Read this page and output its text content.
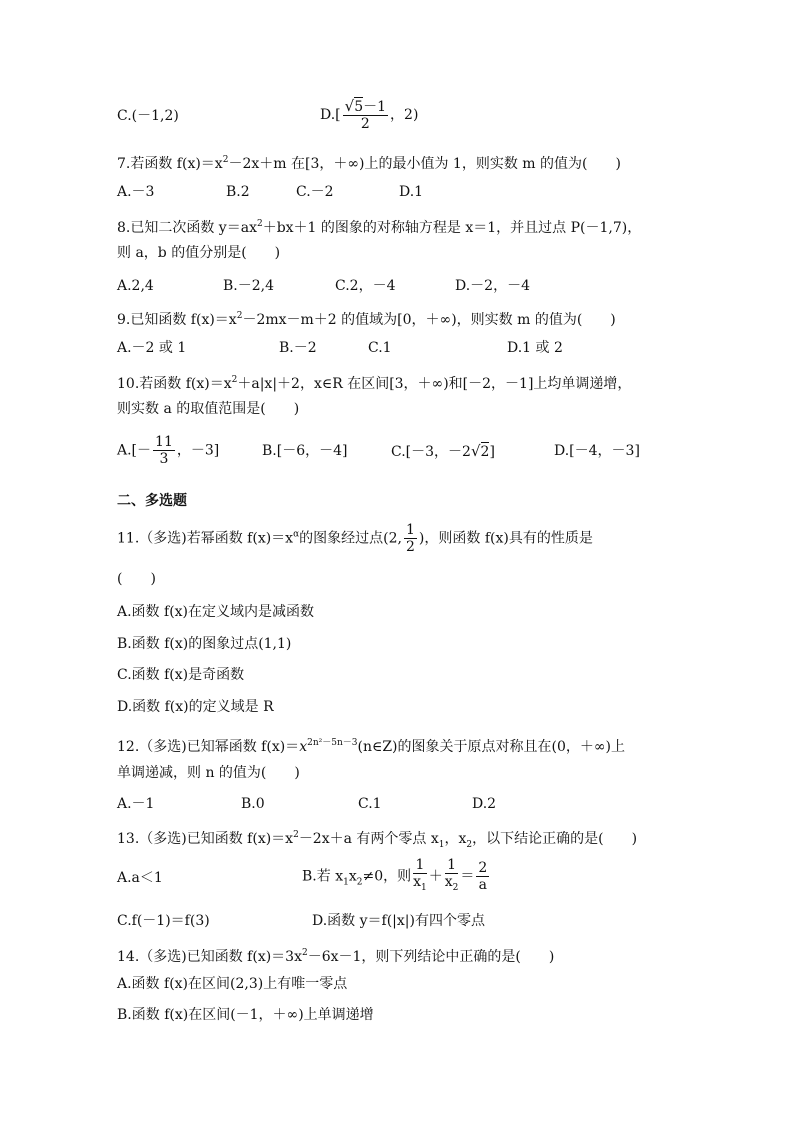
C.(－1,2)	$D.[ \frac{√5-1}{2}$ ，2)
7.若函数 $f(x)=x^2-2x+m$ 在[3，＋∞)上的最小值为 1，则实数 m 的值为(　　)
A.－3	B.2	C.－2	D.1
8.已知二次函数 $y=ax^2+bx+1$ 的图象的对称轴方程是 x＝1，并且过点 P(－1,7)，
则 a，b 的值分别是(　　)
A.2,4	B.－2,4	C.2，－4	D.－2，－4
9.已知函数 $f(x)=x^2-2mx-m+2$ 的值域为[0，＋∞)，则实数 m 的值为(　　)
A.－2 或 1	B.－2	C.1	D.1 或 2
10.若函数 $f(x)=x^2+a|x|+2$，x∈R 在区间[3，＋∞)和[－2，－1]上均单调递增，
则实数 a 的取值范围是(　　)
$A.[- \frac{11}{3}$ ，－3]	B.[－6，－4]	C.[－3，－2√2]	D.[－4，－3]
二、多选题
11.（多选)若幂函数 $f(x)=x^\alpha$的图象经过点(2, $\frac{1}{2}$ )，则函数 f(x)具有的性质是
(　　)
A.函数 f(x)在定义域内是减函数
B.函数 f(x)的图象过点(1,1)
C.函数 f(x)是奇函数
D.函数 f(x)的定义域是 R
12.（多选)已知幂函数 $f(x)=x^{2n^2-5n-3}(n\in Z)$的图象关于原点对称且在(0，＋∞)上
单调递减，则 n 的值为(　　)
A.－1	B.0	C.1	D.2
13.（多选)已知函数 $f(x)=x^2-2x+a$ 有两个零点 $x_1$，$x_2$，以下结论正确的是(　　)
A.a＜1	B.若 $x_1x_2\ne 0$，则 $\frac{1}{x_1} + \frac{1}{x_2} = \frac{2}{a}$
C.f(－1)＝f(3)	D.函数 y＝f(|x|)有四个零点
14.（多选)已知函数 $f(x)=3x^2-6x-1$，则下列结论中正确的是(　　)
A.函数 f(x)在区间(2,3)上有唯一零点
B.函数 f(x)在区间(－1，＋∞)上单调递增
